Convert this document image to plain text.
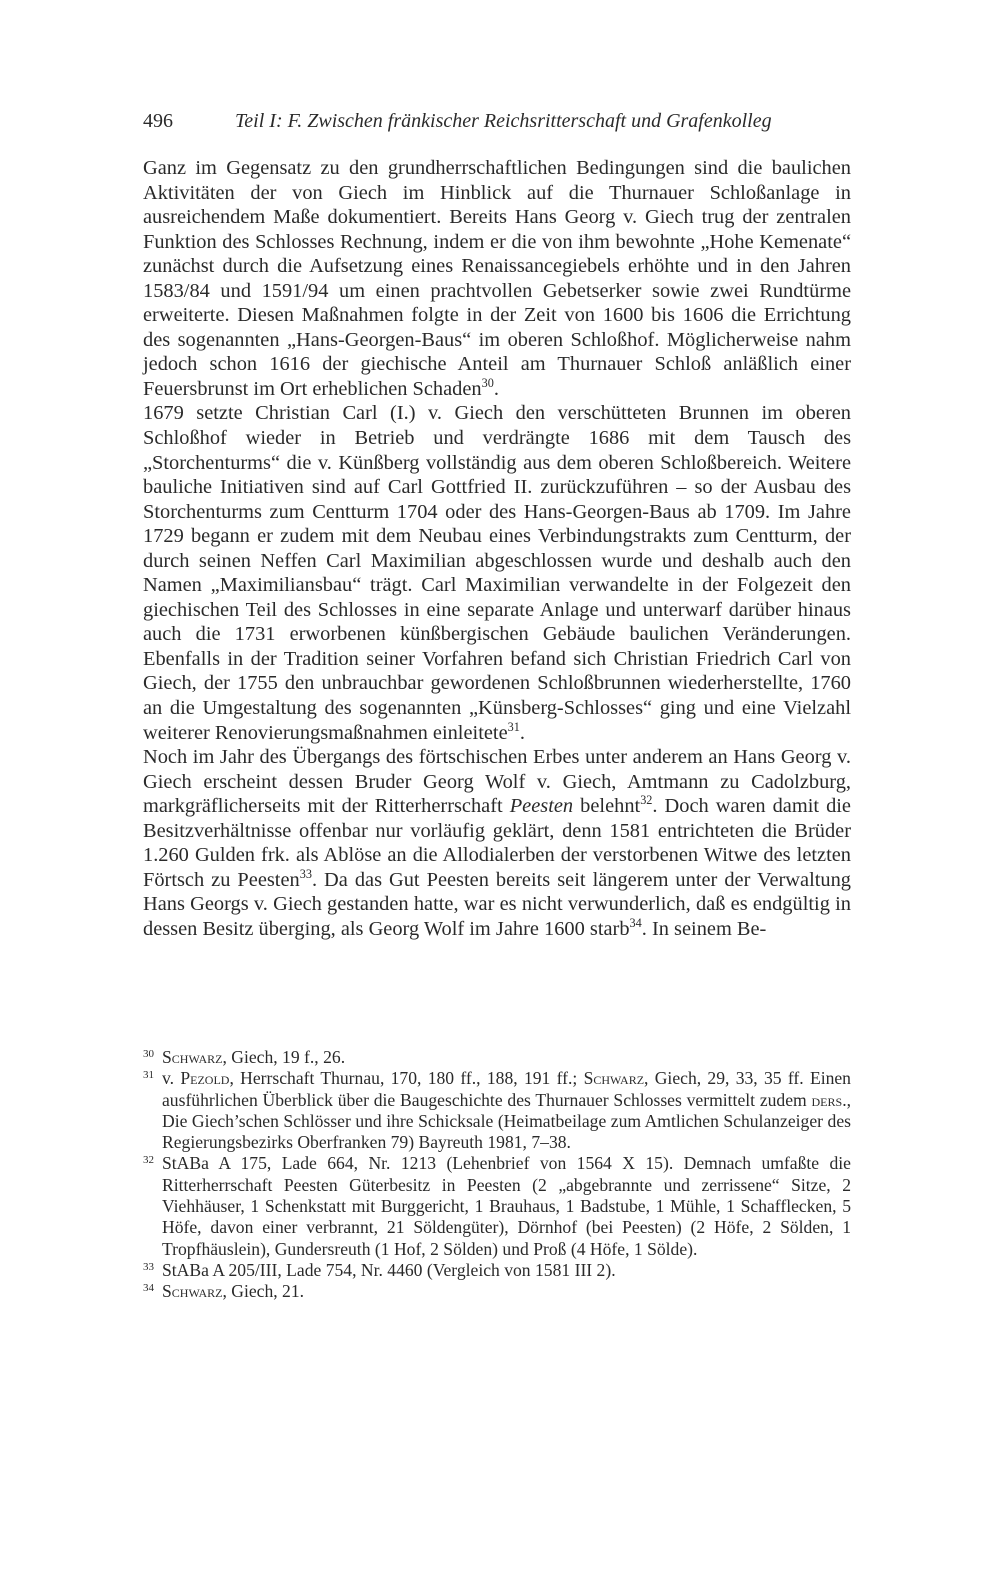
496	Teil I: F. Zwischen fränkischer Reichsritterschaft und Grafenkolleg

Ganz im Gegensatz zu den grundherrschaftlichen Bedingungen sind die baulichen Aktivitäten der von Giech im Hinblick auf die Thurnauer Schloßanlage in ausreichendem Maße dokumentiert. Bereits Hans Georg v. Giech trug der zentralen Funktion des Schlosses Rechnung, indem er die von ihm bewohnte „Hohe Kemenate“ zunächst durch die Aufsetzung eines Renaissancegiebels erhöhte und in den Jahren 1583/84 und 1591/94 um einen prachtvollen Gebetserker sowie zwei Rundtürme erweiterte. Diesen Maßnahmen folgte in der Zeit von 1600 bis 1606 die Errichtung des sogenannten „Hans-Georgen-Baus“ im oberen Schloßhof. Möglicherweise nahm jedoch schon 1616 der giechische Anteil am Thurnauer Schloß anläßlich einer Feuersbrunst im Ort erheblichen Schaden$^{30}$.

1679 setzte Christian Carl (I.) v. Giech den verschütteten Brunnen im oberen Schloßhof wieder in Betrieb und verdrängte 1686 mit dem Tausch des „Storchenturms“ die v. Künßberg vollständig aus dem oberen Schloßbereich. Weitere bauliche Initiativen sind auf Carl Gottfried II. zurückzuführen – so der Ausbau des Storchenturms zum Centturm 1704 oder des Hans-Georgen-Baus ab 1709. Im Jahre 1729 begann er zudem mit dem Neubau eines Verbindungstrakts zum Centturm, der durch seinen Neffen Carl Maximilian abgeschlossen wurde und deshalb auch den Namen „Maximiliansbau“ trägt. Carl Maximilian verwandelte in der Folgezeit den giechischen Teil des Schlosses in eine separate Anlage und unterwarf darüber hinaus auch die 1731 erworbenen künßbergischen Gebäude baulichen Veränderungen. Ebenfalls in der Tradition seiner Vorfahren befand sich Christian Friedrich Carl von Giech, der 1755 den unbrauchbar gewordenen Schloßbrunnen wiederherstellte, 1760 an die Umgestaltung des sogenannten „Künsberg-Schlosses“ ging und eine Vielzahl weiterer Renovierungsmaßnahmen einleitete$^{31}$.

Noch im Jahr des Übergangs des förtschischen Erbes unter anderem an Hans Georg v. Giech erscheint dessen Bruder Georg Wolf v. Giech, Amtmann zu Cadolzburg, markgräflicherseits mit der Ritterherrschaft Peesten belehnt$^{32}$. Doch waren damit die Besitzverhältnisse offenbar nur vorläufig geklärt, denn 1581 entrichteten die Brüder 1.260 Gulden frk. als Ablöse an die Allodialerben der verstorbenen Witwe des letzten Förtsch zu Peesten$^{33}$. Da das Gut Peesten bereits seit längerem unter der Verwaltung Hans Georgs v. Giech gestanden hatte, war es nicht verwunderlich, daß es endgültig in dessen Besitz überging, als Georg Wolf im Jahre 1600 starb$^{34}$. In seinem Be-

30 Schwarz, Giech, 19 f., 26.
31 v. Pezold, Herrschaft Thurnau, 170, 180 ff., 188, 191 ff.; Schwarz, Giech, 29, 33, 35 ff. Einen ausführlichen Überblick über die Baugeschichte des Thurnauer Schlosses vermittelt zudem ders., Die Giech’schen Schlösser und ihre Schicksale (Heimatbeilage zum Amtlichen Schulanzeiger des Regierungsbezirks Oberfranken 79) Bayreuth 1981, 7–38.
32 StABa A 175, Lade 664, Nr. 1213 (Lehenbrief von 1564 X 15). Demnach umfaßte die Ritterherrschaft Peesten Güterbesitz in Peesten (2 „abgebrannte und zerrissene“ Sitze, 2 Viehhäuser, 1 Schenkstatt mit Burggericht, 1 Brauhaus, 1 Badstube, 1 Mühle, 1 Schafflecken, 5 Höfe, davon einer verbrannt, 21 Söldengüter), Dörnhof (bei Peesten) (2 Höfe, 2 Sölden, 1 Tropfhäuslein), Gundersreuth (1 Hof, 2 Sölden) und Proß (4 Höfe, 1 Sölde).
33 StABa A 205/III, Lade 754, Nr. 4460 (Vergleich von 1581 III 2).
34 Schwarz, Giech, 21.
